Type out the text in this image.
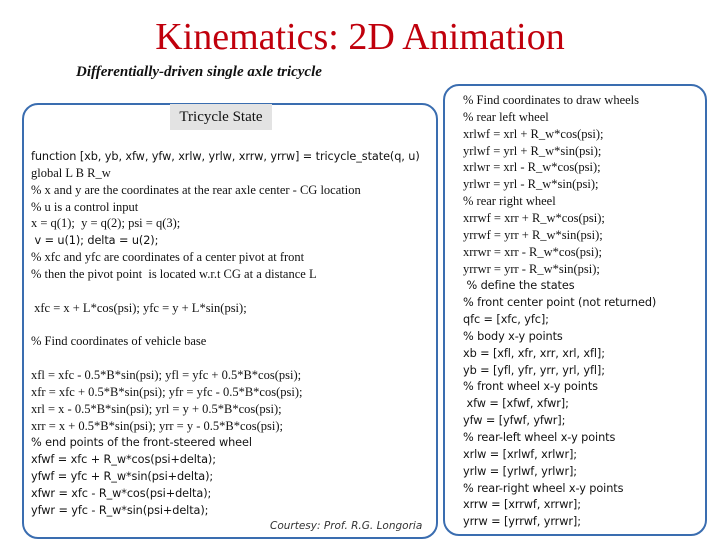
Kinematics: 2D Animation
Differentially-driven single axle tricycle
Tricycle State
function [xb, yb, xfw, yfw, xrlw, yrlw, xrrw, yrrw] = tricycle_state(q, u)
global L B R_w
% x and y are the coordinates at the rear axle center - CG location
% u is a control input
x = q(1);  y = q(2); psi = q(3);
v = u(1); delta = u(2);
% xfc and yfc are coordinates of a center pivot at front
% then the pivot point  is located w.r.t CG at a distance L
xfc = x + L*cos(psi); yfc = y + L*sin(psi);
% Find coordinates of vehicle base
xfl = xfc - 0.5*B*sin(psi); yfl = yfc + 0.5*B*cos(psi);
xfr = xfc + 0.5*B*sin(psi); yfr = yfc - 0.5*B*cos(psi);
xrl = x - 0.5*B*sin(psi); yrl = y + 0.5*B*cos(psi);
xrr = x + 0.5*B*sin(psi); yrr = y - 0.5*B*cos(psi);
% end points of the front-steered wheel
xfwf = xfc + R_w*cos(psi+delta);
yfwf = yfc + R_w*sin(psi+delta);
xfwr = xfc - R_w*cos(psi+delta);
yfwr = yfc - R_w*sin(psi+delta);
% Find coordinates to draw wheels
% rear left wheel
xrlwf = xrl + R_w*cos(psi);
yrlwf = yrl + R_w*sin(psi);
xrlwr = xrl - R_w*cos(psi);
yrlwr = yrl - R_w*sin(psi);
% rear right wheel
xrrwf = xrr + R_w*cos(psi);
yrrwf = yrr + R_w*sin(psi);
xrrwr = xrr - R_w*cos(psi);
yrrwr = yrr - R_w*sin(psi);
% define the states
% front center point (not returned)
qfc = [xfc, yfc];
% body x-y points
xb = [xfl, xfr, xrr, xrl, xfl];
yb = [yfl, yfr, yrr, yrl, yfl];
% front wheel x-y points
xfw = [xfwf, xfwr];
yfw = [yfwf, yfwr];
% rear-left wheel x-y points
xrlw = [xrlwf, xrlwr];
yrlw = [yrlwf, yrlwr];
% rear-right wheel x-y points
xrrw = [xrrwf, xrrwr];
yrrw = [yrrwf, yrrwr];
Courtesy: Prof. R.G. Longoria
